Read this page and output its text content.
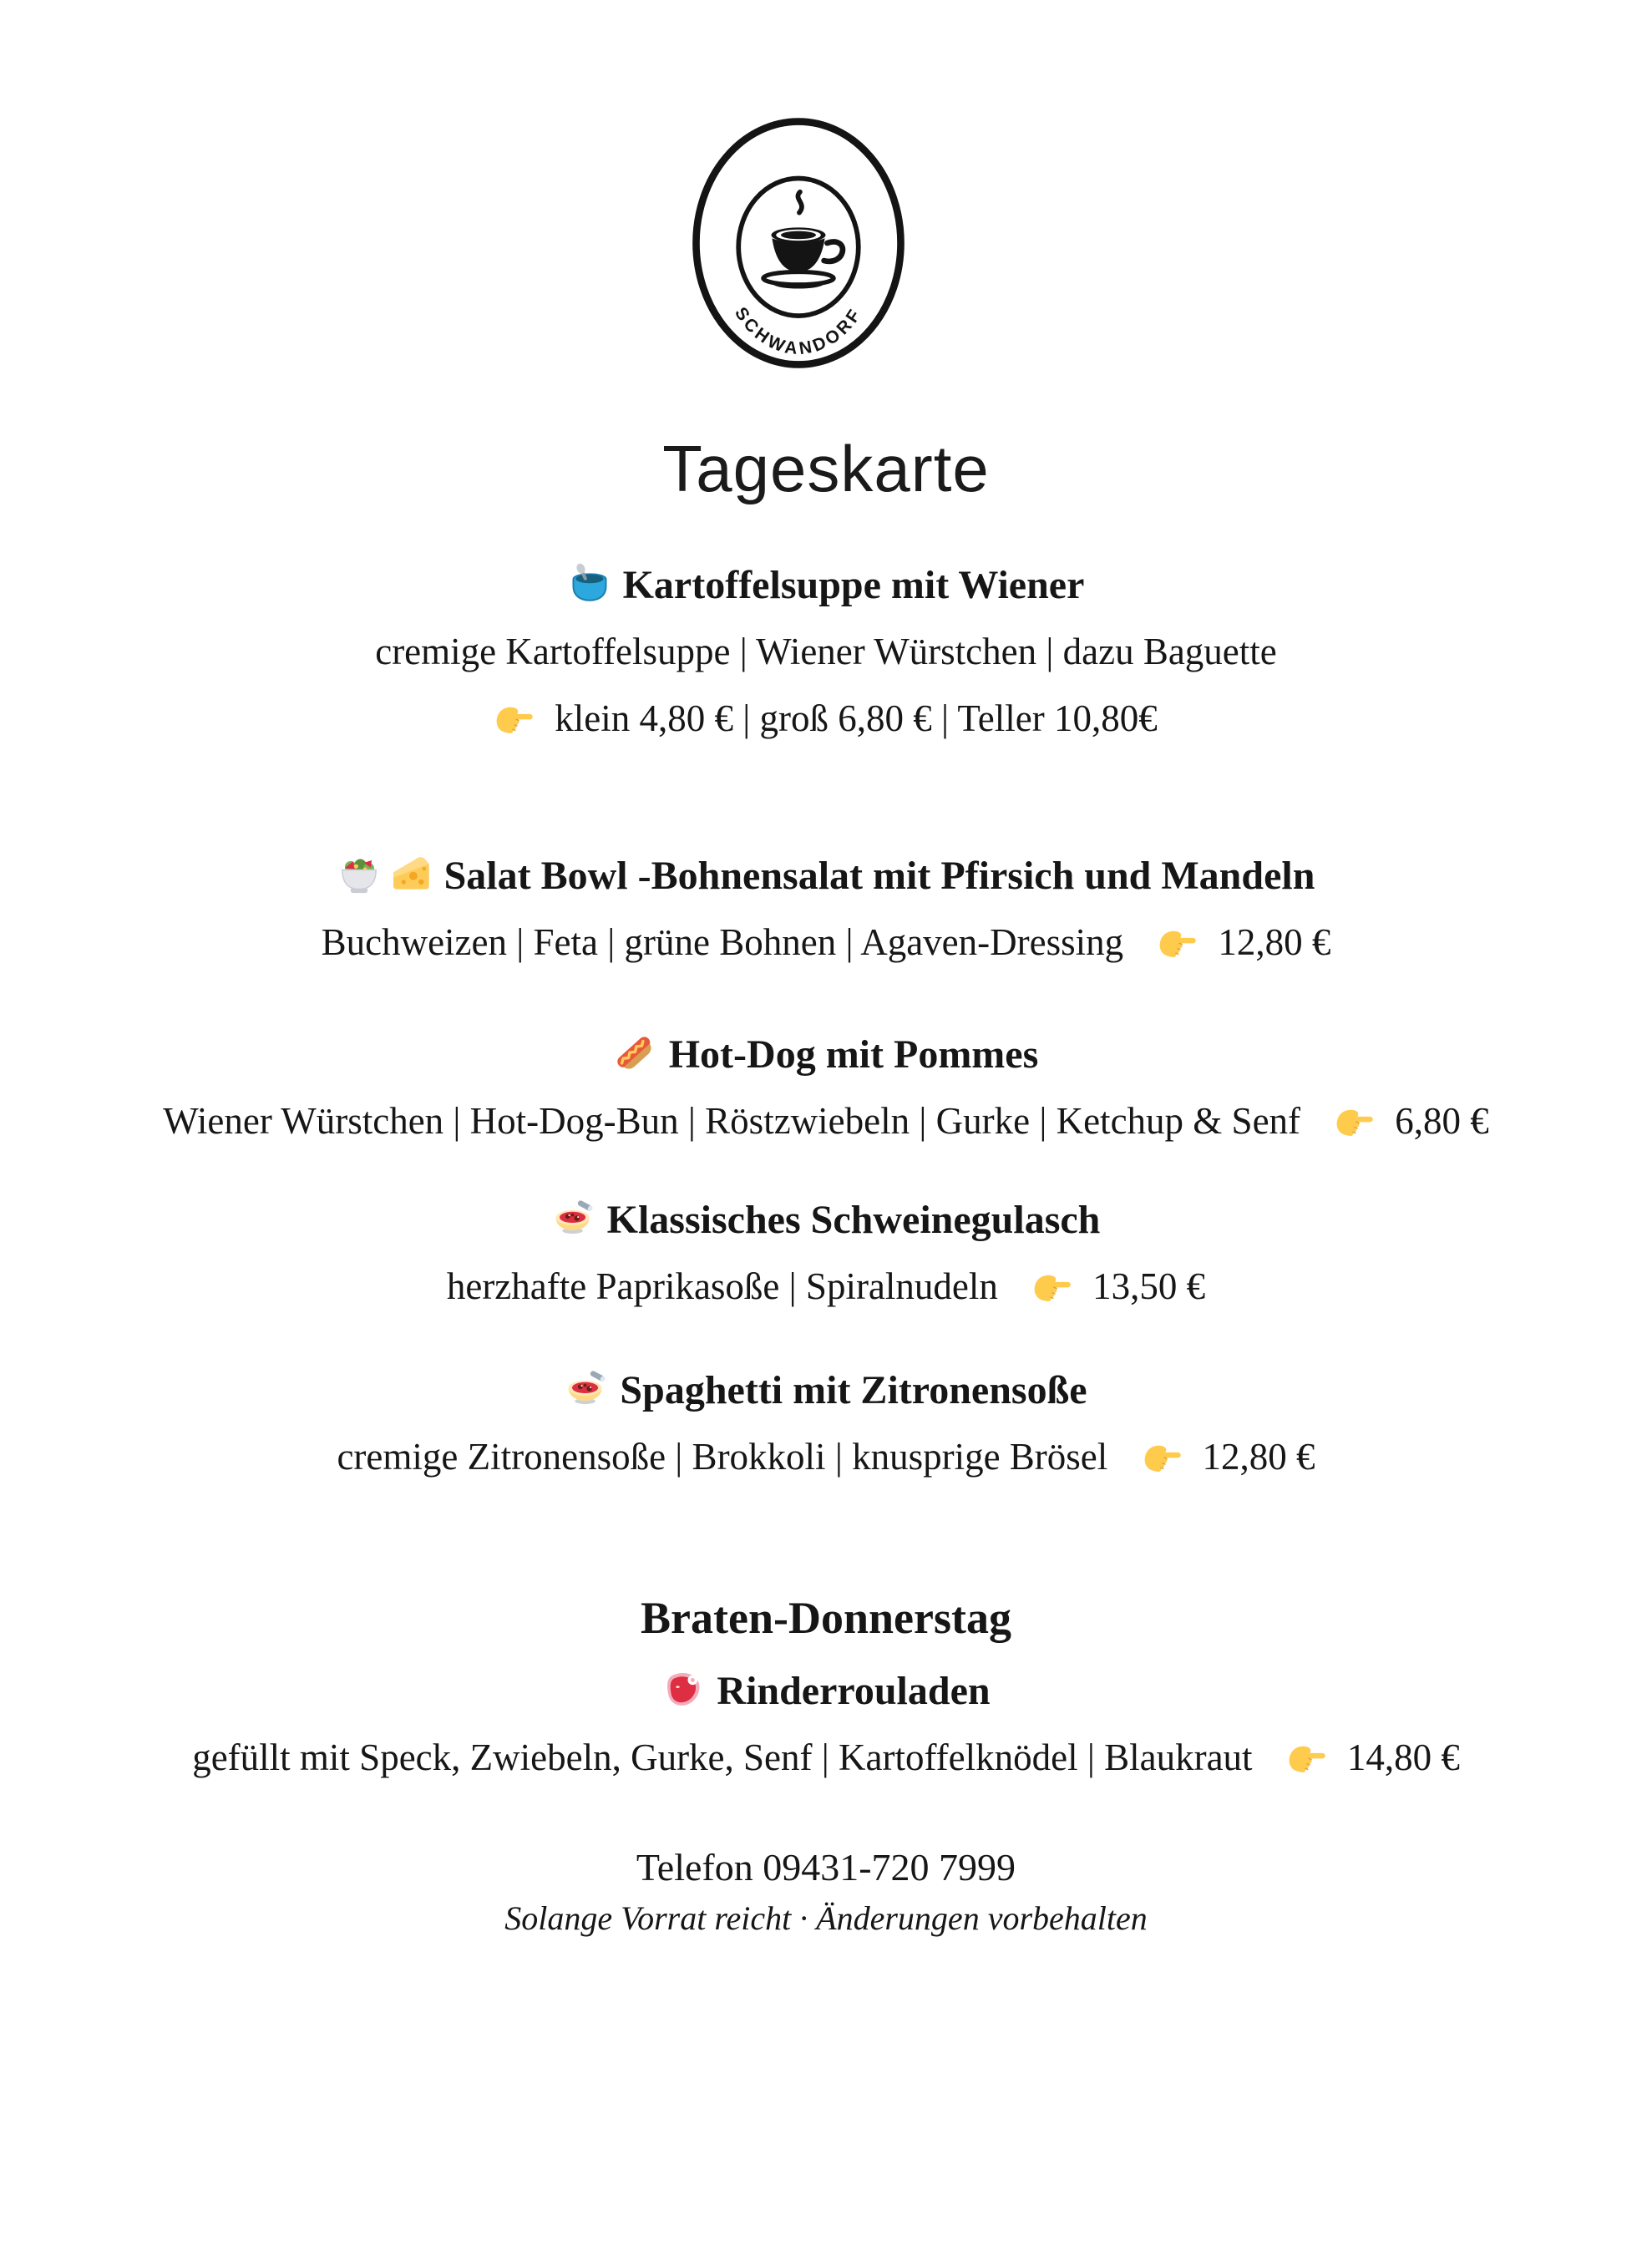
SCHWANDORF
Tageskarte
Kartoffelsuppe mit Wiener
cremige Kartoffelsuppe | Wiener Würstchen | dazu Baguette
klein 4,80 € | groß 6,80 € | Teller 10,80€
Salat Bowl -Bohnensalat mit Pfirsich und Mandeln
Buchweizen | Feta | grüne Bohnen | Agaven-Dressing	12,80 €
Hot-Dog mit Pommes
Wiener Würstchen | Hot-Dog-Bun | Röstzwiebeln | Gurke | Ketchup & Senf	6,80 €
Klassisches Schweinegulasch
herzhafte Paprikasoße | Spiralnudeln	13,50 €
Spaghetti mit Zitronensoße
cremige Zitronensoße | Brokkoli | knusprige Brösel	12,80 €
Braten-Donnerstag
Rinderrouladen
gefüllt mit Speck, Zwiebeln, Gurke, Senf | Kartoffelknödel | Blaukraut	14,80 €
Telefon 09431-720 7999
Solange Vorrat reicht · Änderungen vorbehalten
